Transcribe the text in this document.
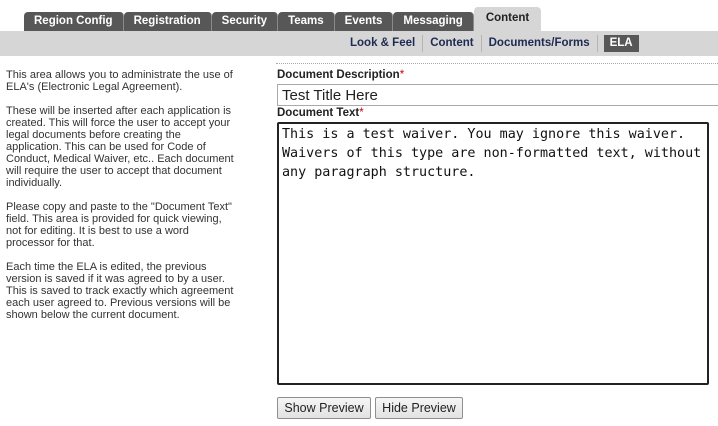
Region Config	Registration	Security	Teams	Events	Messaging	Content
Look & Feel	Content	Documents/Forms	ELA

This area allows you to administrate the use of ELA's (Electronic Legal Agreement).

These will be inserted after each application is created. This will force the user to accept your legal documents before creating the application. This can be used for Code of Conduct, Medical Waiver, etc.. Each document will require the user to accept that document individually.

Please copy and paste to the "Document Text" field. This area is provided for quick viewing, not for editing. It is best to use a word processor for that.

Each time the ELA is edited, the previous version is saved if it was agreed to by a user. This is saved to track exactly which agreement each user agreed to. Previous versions will be shown below the current document.

Document Description*
Test Title Here
Document Text*
This is a test waiver. You may ignore this waiver. Waivers of this type are non-formatted text, without any paragraph structure.
Show Preview	Hide Preview
